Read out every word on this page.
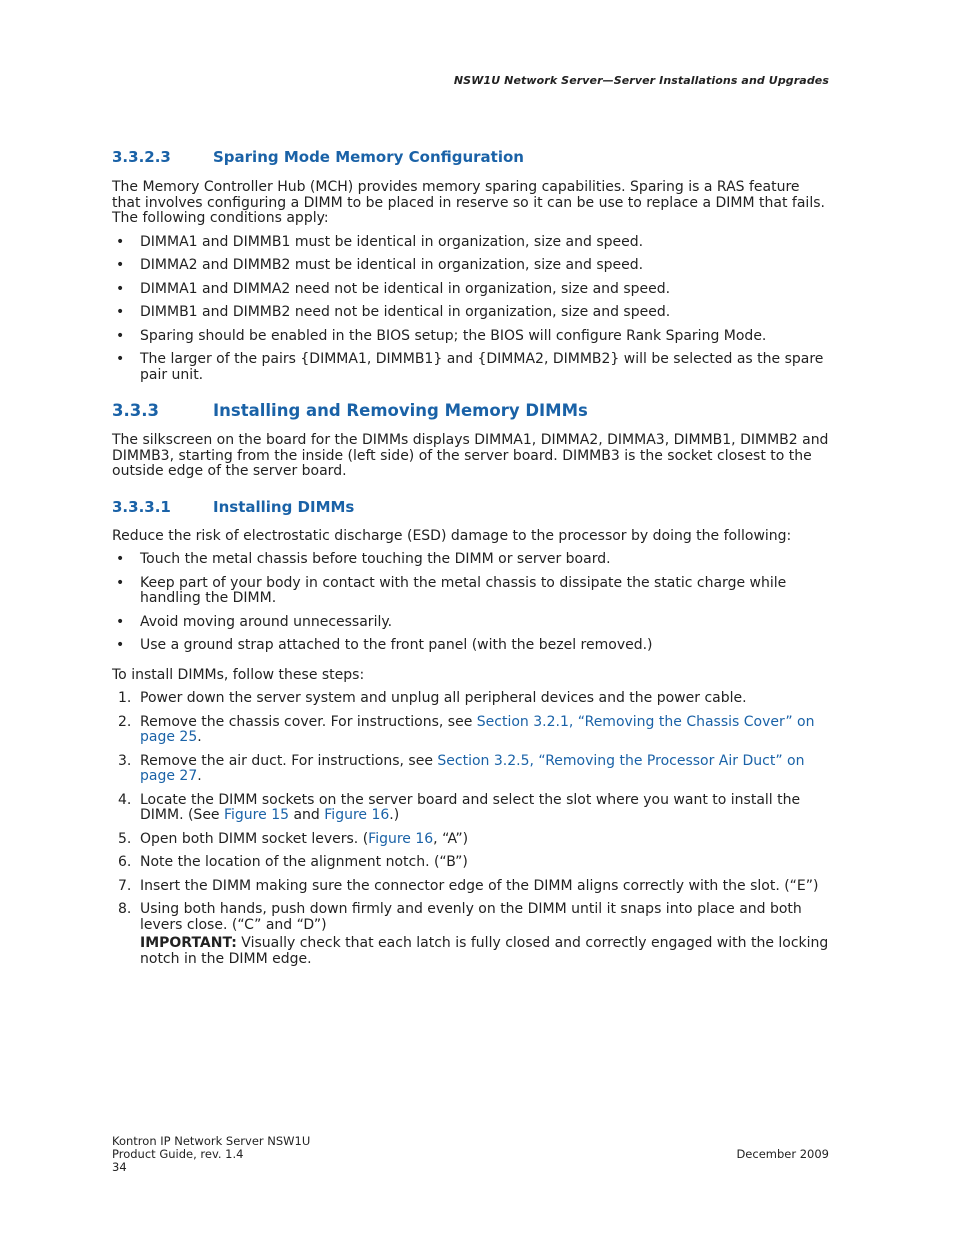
NSW1U Network Server—Server Installations and Upgrades
3.3.2.3	Sparing Mode Memory Configuration

The Memory Controller Hub (MCH) provides memory sparing capabilities. Sparing is a RAS feature that involves configuring a DIMM to be placed in reserve so it can be use to replace a DIMM that fails. The following conditions apply:

• DIMMA1 and DIMMB1 must be identical in organization, size and speed.
• DIMMA2 and DIMMB2 must be identical in organization, size and speed.
• DIMMA1 and DIMMA2 need not be identical in organization, size and speed.
• DIMMB1 and DIMMB2 need not be identical in organization, size and speed.
• Sparing should be enabled in the BIOS setup; the BIOS will configure Rank Sparing Mode.
• The larger of the pairs {DIMMA1, DIMMB1} and {DIMMA2, DIMMB2} will be selected as the spare pair unit.
3.3.3	Installing and Removing Memory DIMMs

The silkscreen on the board for the DIMMs displays DIMMA1, DIMMA2, DIMMA3, DIMMB1, DIMMB2 and DIMMB3, starting from the inside (left side) of the server board. DIMMB3 is the socket closest to the outside edge of the server board.

3.3.3.1	Installing DIMMs

Reduce the risk of electrostatic discharge (ESD) damage to the processor by doing the following:

• Touch the metal chassis before touching the DIMM or server board.
• Keep part of your body in contact with the metal chassis to dissipate the static charge while handling the DIMM.
• Avoid moving around unnecessarily.
• Use a ground strap attached to the front panel (with the bezel removed.)

To install DIMMs, follow these steps:

1. Power down the server system and unplug all peripheral devices and the power cable.
2. Remove the chassis cover. For instructions, see Section 3.2.1, “Removing the Chassis Cover” on page 25.
3. Remove the air duct. For instructions, see Section 3.2.5, “Removing the Processor Air Duct” on page 27.
4. Locate the DIMM sockets on the server board and select the slot where you want to install the DIMM. (See Figure 15 and Figure 16.)
5. Open both DIMM socket levers. (Figure 16, “A”)
6. Note the location of the alignment notch. (“B”)
7. Insert the DIMM making sure the connector edge of the DIMM aligns correctly with the slot. (“E”)
8. Using both hands, push down firmly and evenly on the DIMM until it snaps into place and both levers close. (“C” and “D”)
IMPORTANT: Visually check that each latch is fully closed and correctly engaged with the locking notch in the DIMM edge.
Kontron IP Network Server NSW1U
Product Guide, rev. 1.4
34
December 2009
